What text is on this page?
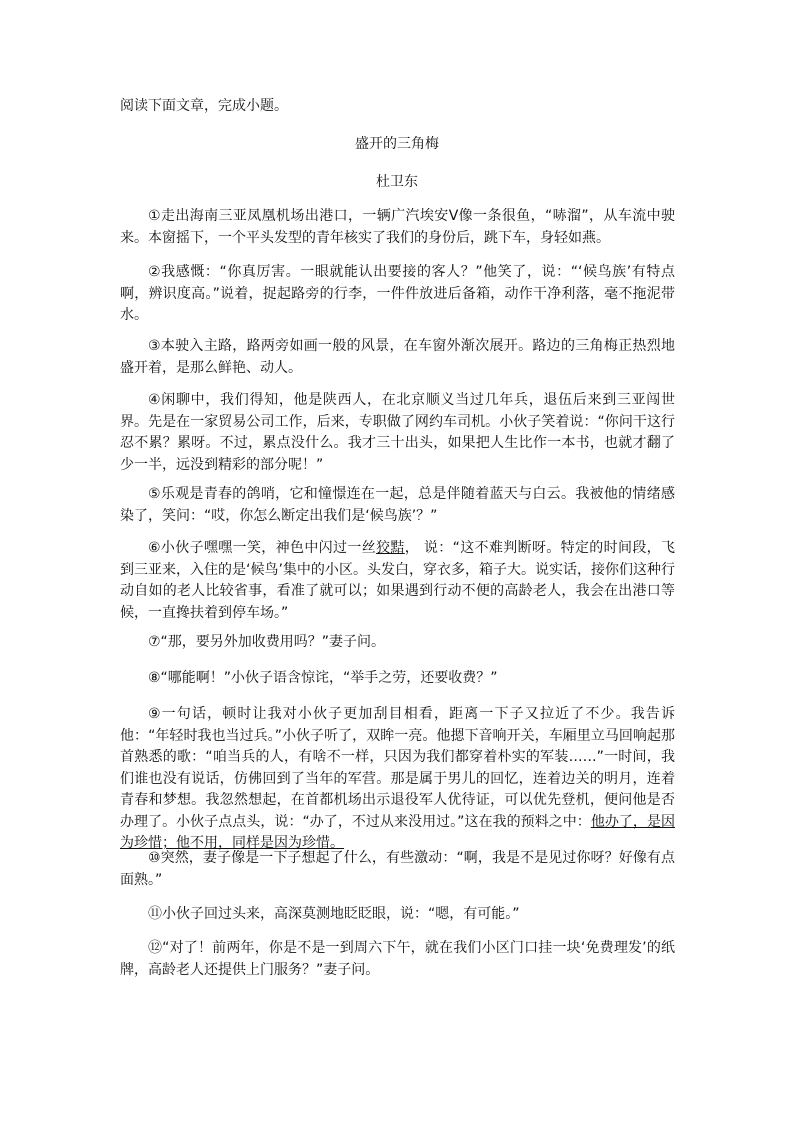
阅读下面文章，完成小题。
盛开的三角梅
杜卫东
①走出海南三亚凤凰机场出港口，一辆广汽埃安Ⅴ像一条很鱼，“哧溜”，从车流中驶来。本窗摇下，一个平头发型的青年核实了我们的身份后，跳下车，身轻如燕。
②我感慨：“你真厉害。一眼就能认出要接的客人？”他笑了，说：“‘候鸟族’有特点啊，辨识度高。”说着，捉起路旁的行李，一件件放进后备箱，动作干净利落，毫不拖泥带水。
③本驶入主路，路两旁如画一般的风景，在车窗外渐次展开。路边的三角梅正热烈地盛开着，是那么鲜艳、动人。
④闲聊中，我们得知，他是陕西人，在北京顺义当过几年兵，退伍后来到三亚闯世界。先是在一家贸易公司工作，后来，专职做了网约车司机。小伙子笑着说：“你问干这行忍不累？累呀。不过，累点没什么。我才三十出头，如果把人生比作一本书，也就才翻了少一半，远没到精彩的部分呢！”
⑤乐观是青春的鸽哨，它和憧憬连在一起，总是伴随着蓝天与白云。我被他的情绪感染了，笑问：“哎，你怎么断定出我们是‘候鸟族’？”
⑥小伙子嘿嘿一笑，神色中闪过一丝狡黠， 说：“这不难判断呀。特定的时间段，飞到三亚来，入住的是‘候鸟’集中的小区。头发白，穿衣多，箱子大。说实话，接你们这种行动自如的老人比较省事，看准了就可以；如果遇到行动不便的高龄老人，我会在出港口等候，一直搀扶着到停车场。”
⑦“那，要另外加收费用吗？”妻子问。
⑧“哪能啊！”小伙子语含惊诧，“举手之劳，还要收费？”
⑨一句话，顿时让我对小伙子更加刮目相看，距离一下子又拉近了不少。我告诉他：“年轻时我也当过兵。”小伙子听了，双眸一亮。他摁下音响开关，车厢里立马回响起那首熟悉的歌：“咱当兵的人，有啥不一样，只因为我们都穿着朴实的军装……”一时间，我们谁也没有说话，仿佛回到了当年的军营。那是属于男儿的回忆，连着边关的明月，连着青春和梦想。我忽然想起，在首都机场出示退役军人优待证，可以优先登机，便问他是否办理了。小伙子点点头，说：“办了，不过从来没用过。”这在我的预料之中：他办了，是因为珍惜；他不用，同样是因为珍惜。
⑩突然，妻子像是一下子想起了什么，有些激动：“啊，我是不是见过你呀？好像有点面熟。”
⑪小伙子回过头来，高深莫测地眨眨眼，说：“嗯，有可能。”
⑫“对了！前两年，你是不是一到周六下午，就在我们小区门口挂一块‘免费理发’的纸牌，高龄老人还提供上门服务？”妻子问。
